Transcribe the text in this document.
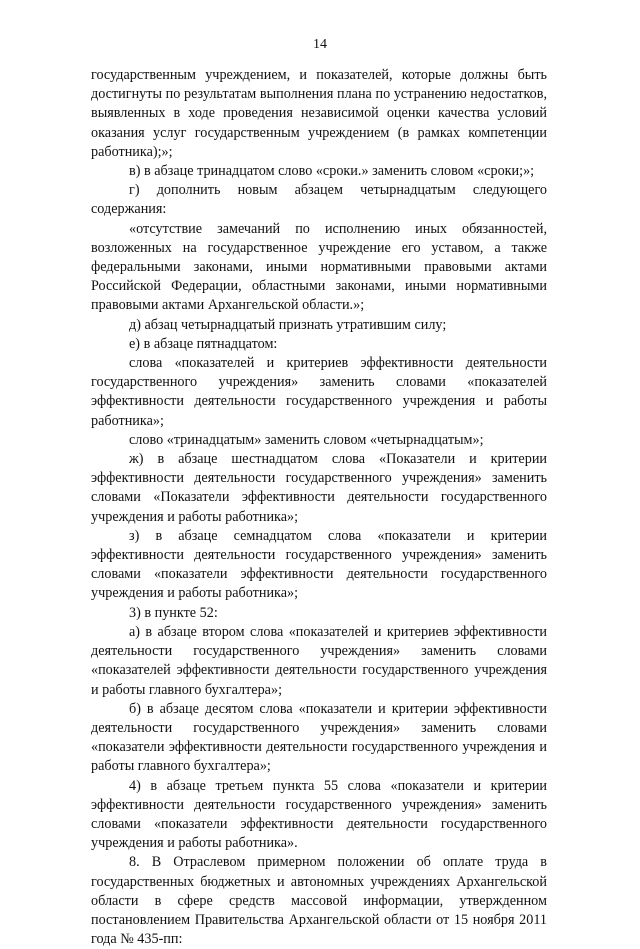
14

государственным учреждением, и показателей, которые должны быть достигнуты по результатам выполнения плана по устранению недостатков, выявленных в ходе проведения независимой оценки качества условий оказания услуг государственным учреждением (в рамках компетенции работника);»;

в) в абзаце тринадцатом слово «сроки.» заменить словом «сроки;»;

г) дополнить новым абзацем четырнадцатым следующего содержания:

«отсутствие замечаний по исполнению иных обязанностей, возложенных на государственное учреждение его уставом, а также федеральными законами, иными нормативными правовыми актами Российской Федерации, областными законами, иными нормативными правовыми актами Архангельской области.»;

д) абзац четырнадцатый признать утратившим силу;

е) в абзаце пятнадцатом:

слова «показателей и критериев эффективности деятельности государственного учреждения» заменить словами «показателей эффективности деятельности государственного учреждения и работы работника»;

слово «тринадцатым» заменить словом «четырнадцатым»;

ж) в абзаце шестнадцатом слова «Показатели и критерии эффективности деятельности государственного учреждения» заменить словами «Показатели эффективности деятельности государственного учреждения и работы работника»;

з) в абзаце семнадцатом слова «показатели и критерии эффективности деятельности государственного учреждения» заменить словами «показатели эффективности деятельности государственного учреждения и работы работника»;

3) в пункте 52:

а) в абзаце втором слова «показателей и критериев эффективности деятельности государственного учреждения» заменить словами «показателей эффективности деятельности государственного учреждения и работы главного бухгалтера»;

б) в абзаце десятом слова «показатели и критерии эффективности деятельности государственного учреждения» заменить словами «показатели эффективности деятельности государственного учреждения и работы главного бухгалтера»;

4) в абзаце третьем пункта 55 слова «показатели и критерии эффективности деятельности государственного учреждения» заменить словами «показатели эффективности деятельности государственного учреждения и работы работника».

8. В Отраслевом примерном положении об оплате труда в государственных бюджетных и автономных учреждениях Архангельской области в сфере средств массовой информации, утвержденном постановлением Правительства Архангельской области от 15 ноября 2011 года № 435-пп:
